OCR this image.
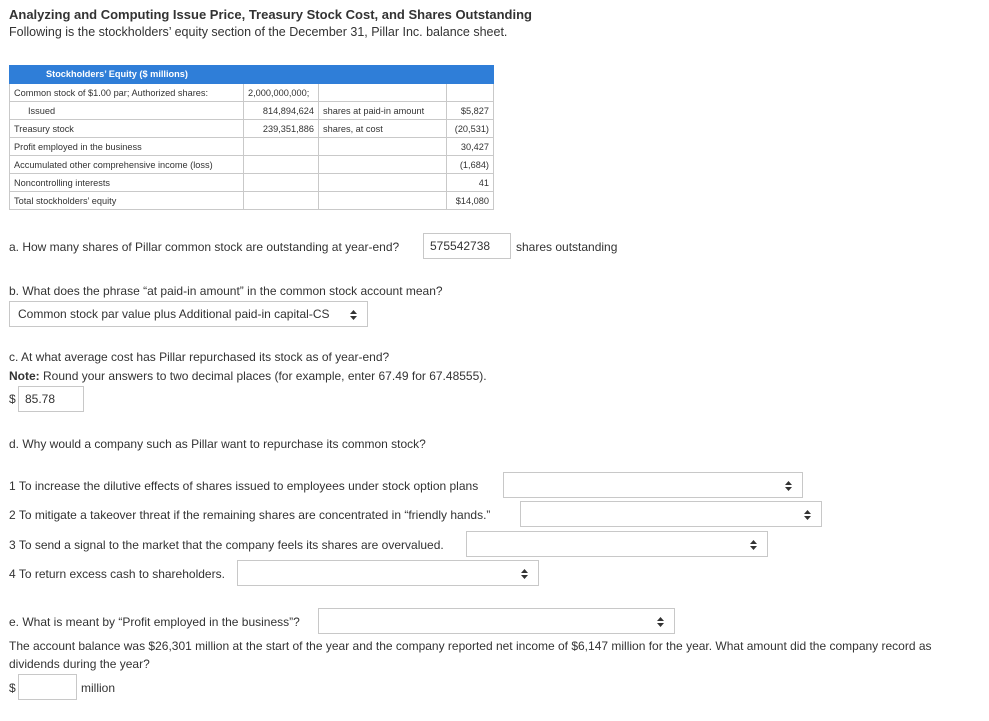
Analyzing and Computing Issue Price, Treasury Stock Cost, and Shares Outstanding
Following is the stockholders’ equity section of the December 31, Pillar Inc. balance sheet.
Stockholders’ Equity ($ millions)			
Common stock of $1.00 par; Authorized shares:	2,000,000,000;		
Issued	814,894,624	shares at paid-in amount	$5,827
Treasury stock	239,351,886	shares, at cost	(20,531)
Profit employed in the business			30,427
Accumulated other comprehensive income (loss)			(1,684)
Noncontrolling interests			41
Total stockholders’ equity			$14,080
a. How many shares of Pillar common stock are outstanding at year-end?	575542738	shares outstanding
b. What does the phrase “at paid-in amount” in the common stock account mean?
Common stock par value plus Additional paid-in capital-CS
c. At what average cost has Pillar repurchased its stock as of year-end?
Note: Round your answers to two decimal places (for example, enter 67.49 for 67.48555).
$ 85.78
d. Why would a company such as Pillar want to repurchase its common stock?
1 To increase the dilutive effects of shares issued to employees under stock option plans
2 To mitigate a takeover threat if the remaining shares are concentrated in “friendly hands.”
3 To send a signal to the market that the company feels its shares are overvalued.
4 To return excess cash to shareholders.
e. What is meant by “Profit employed in the business”?
The account balance was $26,301 million at the start of the year and the company reported net income of $6,147 million for the year. What amount did the company record as
dividends during the year?
$	million
